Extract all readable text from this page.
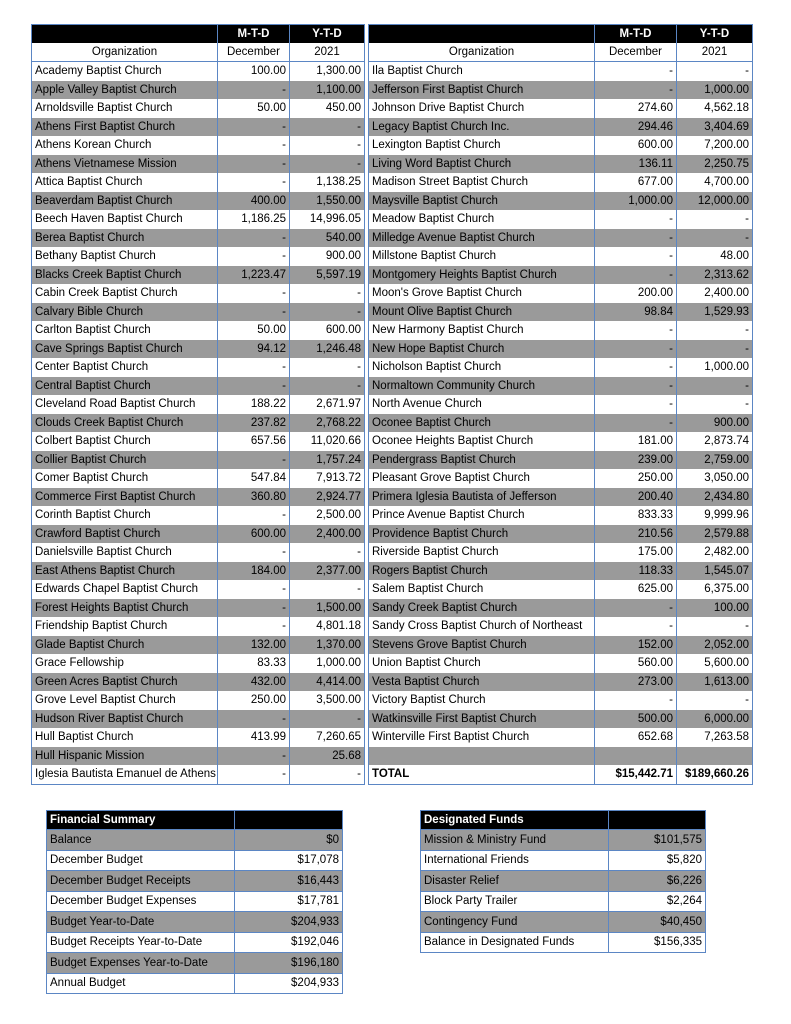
	M-T-D	Y-T-D
Organization	December	2021
Academy Baptist Church	100.00	1,300.00
Apple Valley Baptist Church	-	1,100.00
Arnoldsville Baptist Church	50.00	450.00
Athens First Baptist Church	-	-
Athens Korean Church	-	-
Athens Vietnamese Mission	-	-
Attica Baptist Church	-	1,138.25
Beaverdam Baptist Church	400.00	1,550.00
Beech Haven Baptist Church	1,186.25	14,996.05
Berea Baptist Church	-	540.00
Bethany Baptist Church	-	900.00
Blacks Creek Baptist Church	1,223.47	5,597.19
Cabin Creek Baptist Church	-	-
Calvary Bible Church	-	-
Carlton Baptist Church	50.00	600.00
Cave Springs Baptist Church	94.12	1,246.48
Center Baptist Church	-	-
Central Baptist Church	-	-
Cleveland Road Baptist Church	188.22	2,671.97
Clouds Creek Baptist Church	237.82	2,768.22
Colbert Baptist Church	657.56	11,020.66
Collier Baptist Church	-	1,757.24
Comer Baptist Church	547.84	7,913.72
Commerce First Baptist Church	360.80	2,924.77
Corinth Baptist Church	-	2,500.00
Crawford Baptist Church	600.00	2,400.00
Danielsville Baptist Church	-	-
East Athens Baptist Church	184.00	2,377.00
Edwards Chapel Baptist Church	-	-
Forest Heights Baptist Church	-	1,500.00
Friendship Baptist Church	-	4,801.18
Glade Baptist Church	132.00	1,370.00
Grace Fellowship	83.33	1,000.00
Green Acres Baptist Church	432.00	4,414.00
Grove Level Baptist Church	250.00	3,500.00
Hudson River Baptist Church	-	-
Hull Baptist Church	413.99	7,260.65
Hull Hispanic Mission	-	25.68
Iglesia Bautista Emanuel de Athens	-	-
	M-T-D	Y-T-D
Organization	December	2021
Ila Baptist Church	-	-
Jefferson First Baptist Church	-	1,000.00
Johnson Drive Baptist Church	274.60	4,562.18
Legacy Baptist Church Inc.	294.46	3,404.69
Lexington Baptist Church	600.00	7,200.00
Living Word Baptist Church	136.11	2,250.75
Madison Street Baptist Church	677.00	4,700.00
Maysville Baptist Church	1,000.00	12,000.00
Meadow Baptist Church	-	-
Milledge Avenue Baptist Church	-	-
Millstone Baptist Church	-	48.00
Montgomery Heights Baptist Church	-	2,313.62
Moon's Grove Baptist Church	200.00	2,400.00
Mount Olive Baptist Church	98.84	1,529.93
New Harmony Baptist Church	-	-
New Hope Baptist Church	-	-
Nicholson Baptist Church	-	1,000.00
Normaltown Community Church	-	-
North Avenue Church	-	-
Oconee Baptist Church	-	900.00
Oconee Heights Baptist Church	181.00	2,873.74
Pendergrass Baptist Church	239.00	2,759.00
Pleasant Grove Baptist Church	250.00	3,050.00
Primera Iglesia Bautista of Jefferson	200.40	2,434.80
Prince Avenue Baptist Church	833.33	9,999.96
Providence Baptist Church	210.56	2,579.88
Riverside Baptist Church	175.00	2,482.00
Rogers Baptist Church	118.33	1,545.07
Salem Baptist Church	625.00	6,375.00
Sandy Creek Baptist Church	-	100.00
Sandy Cross Baptist Church of Northeast	-	-
Stevens Grove Baptist Church	152.00	2,052.00
Union Baptist Church	560.00	5,600.00
Vesta Baptist Church	273.00	1,613.00
Victory Baptist Church	-	-
Watkinsville First Baptist Church	500.00	6,000.00
Winterville First Baptist Church	652.68	7,263.58

TOTAL	$15,442.71	$189,660.26
Financial Summary	
Balance	$0
December Budget	$17,078
December Budget Receipts	$16,443
December Budget Expenses	$17,781
Budget Year-to-Date	$204,933
Budget Receipts Year-to-Date	$192,046
Budget Expenses Year-to-Date	$196,180
Annual Budget	$204,933
Designated Funds	
Mission & Ministry Fund	$101,575
International Friends	$5,820
Disaster Relief	$6,226
Block Party Trailer	$2,264
Contingency Fund	$40,450
Balance in Designated Funds	$156,335
